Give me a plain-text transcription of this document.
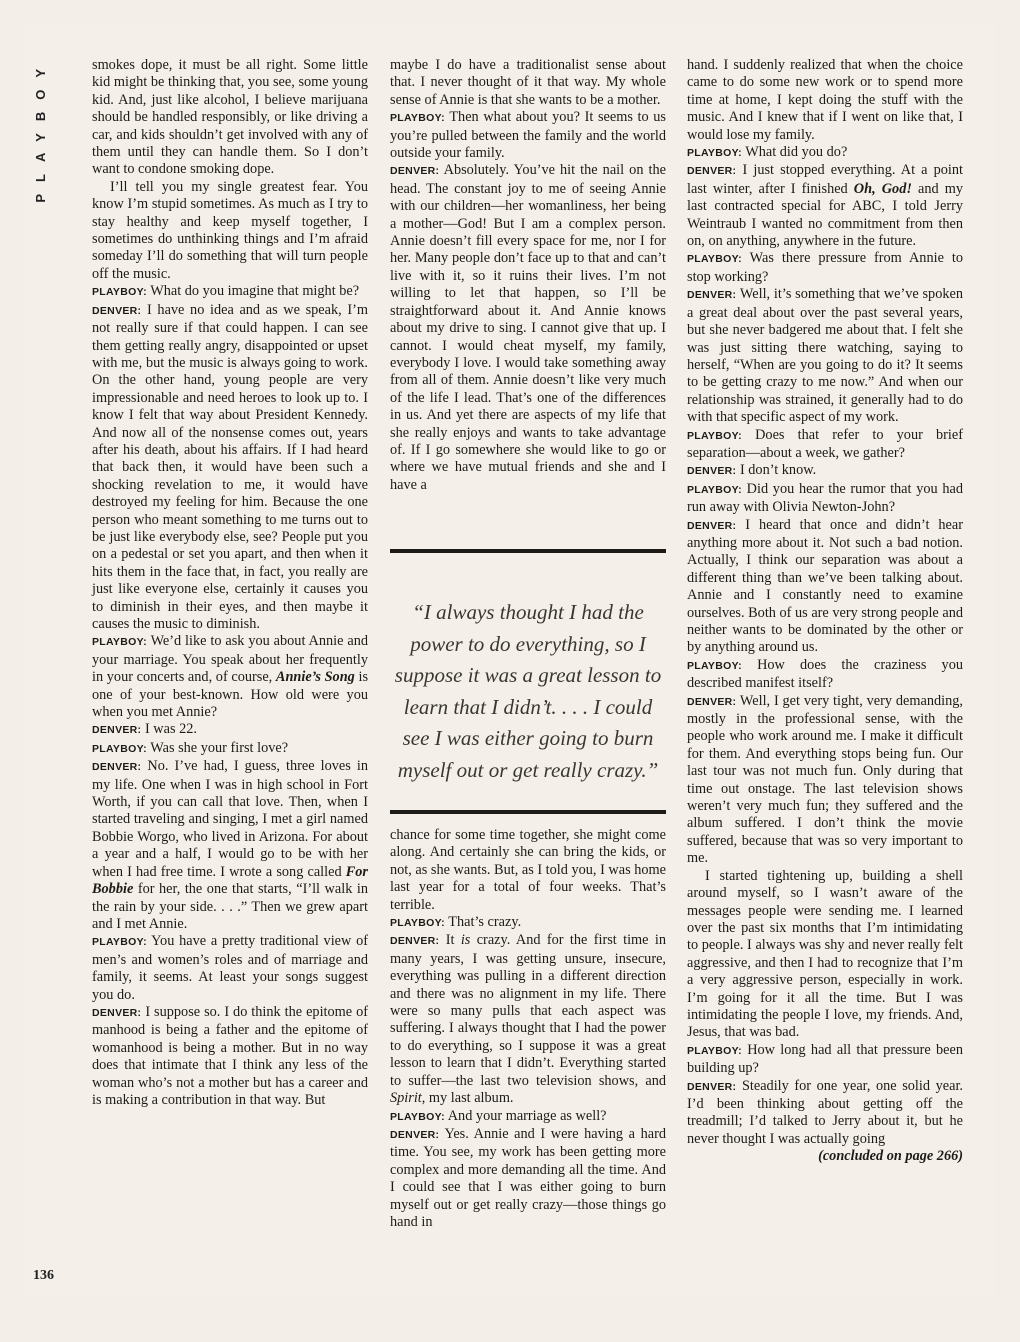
PLAYBOY
136

smokes dope, it must be all right. Some little kid might be thinking that, you see, some young kid. And, just like alcohol, I believe marijuana should be handled responsibly, or like driving a car, and kids shouldn’t get involved with any of them until they can handle them. So I don’t want to condone smoking dope.

I’ll tell you my single greatest fear. You know I’m stupid sometimes. As much as I try to stay healthy and keep myself together, I sometimes do unthinking things and I’m afraid someday I’ll do something that will turn people off the music.

PLAYBOY: What do you imagine that might be?

DENVER: I have no idea and as we speak, I’m not really sure if that could happen. I can see them getting really angry, disappointed or upset with me, but the music is always going to work. On the other hand, young people are very impressionable and need heroes to look up to. I know I felt that way about President Kennedy. And now all of the nonsense comes out, years after his death, about his affairs. If I had heard that back then, it would have been such a shocking revelation to me, it would have destroyed my feeling for him. Because the one person who meant something to me turns out to be just like everybody else, see? People put you on a pedestal or set you apart, and then when it hits them in the face that, in fact, you really are just like everyone else, certainly it causes you to diminish in their eyes, and then maybe it causes the music to diminish.

PLAYBOY: We’d like to ask you about Annie and your marriage. You speak about her frequently in your concerts and, of course, Annie’s Song is one of your best-known. How old were you when you met Annie?

DENVER: I was 22.

PLAYBOY: Was she your first love?

DENVER: No. I’ve had, I guess, three loves in my life. One when I was in high school in Fort Worth, if you can call that love. Then, when I started traveling and singing, I met a girl named Bobbie Worgo, who lived in Arizona. For about a year and a half, I would go to be with her when I had free time. I wrote a song called For Bobbie for her, the one that starts, “I’ll walk in the rain by your side. . . .” Then we grew apart and I met Annie.

PLAYBOY: You have a pretty traditional view of men’s and women’s roles and of marriage and family, it seems. At least your songs suggest you do.

DENVER: I suppose so. I do think the epitome of manhood is being a father and the epitome of womanhood is being a mother. But in no way does that intimate that I think any less of the woman who’s not a mother but has a career and is making a contribution in that way. But

maybe I do have a traditionalist sense about that. I never thought of it that way. My whole sense of Annie is that she wants to be a mother.

PLAYBOY: Then what about you? It seems to us you’re pulled between the family and the world outside your family.

DENVER: Absolutely. You’ve hit the nail on the head. The constant joy to me of seeing Annie with our children—her womanliness, her being a mother—God! But I am a complex person. Annie doesn’t fill every space for me, nor I for her. Many people don’t face up to that and can’t live with it, so it ruins their lives. I’m not willing to let that happen, so I’ll be straightforward about it. And Annie knows about my drive to sing. I cannot give that up. I cannot. I would cheat myself, my family, everybody I love. I would take something away from all of them. Annie doesn’t like very much of the life I lead. That’s one of the differences in us. And yet there are aspects of my life that she really enjoys and wants to take advantage of. If I go somewhere she would like to go or where we have mutual friends and she and I have a

“I always thought I had the power to do everything, so I suppose it was a great lesson to learn that I didn’t. . . . I could see I was either going to burn myself out or get really crazy.”

chance for some time together, she might come along. And certainly she can bring the kids, or not, as she wants. But, as I told you, I was home last year for a total of four weeks. That’s terrible.

PLAYBOY: That’s crazy.

DENVER: It is crazy. And for the first time in many years, I was getting unsure, insecure, everything was pulling in a different direction and there was no alignment in my life. There were so many pulls that each aspect was suffering. I always thought that I had the power to do everything, so I suppose it was a great lesson to learn that I didn’t. Everything started to suffer—the last two television shows, and Spirit, my last album.

PLAYBOY: And your marriage as well?

DENVER: Yes. Annie and I were having a hard time. You see, my work has been getting more complex and more demanding all the time. And I could see that I was either going to burn myself out or get really crazy—those things go hand in

hand. I suddenly realized that when the choice came to do some new work or to spend more time at home, I kept doing the stuff with the music. And I knew that if I went on like that, I would lose my family.

PLAYBOY: What did you do?

DENVER: I just stopped everything. At a point last winter, after I finished Oh, God! and my last contracted special for ABC, I told Jerry Weintraub I wanted no commitment from then on, on anything, anywhere in the future.

PLAYBOY: Was there pressure from Annie to stop working?

DENVER: Well, it’s something that we’ve spoken a great deal about over the past several years, but she never badgered me about that. I felt she was just sitting there watching, saying to herself, “When are you going to do it? It seems to be getting crazy to me now.” And when our relationship was strained, it generally had to do with that specific aspect of my work.

PLAYBOY: Does that refer to your brief separation—about a week, we gather?

DENVER: I don’t know.

PLAYBOY: Did you hear the rumor that you had run away with Olivia Newton-John?

DENVER: I heard that once and didn’t hear anything more about it. Not such a bad notion. Actually, I think our separation was about a different thing than we’ve been talking about. Annie and I constantly need to examine ourselves. Both of us are very strong people and neither wants to be dominated by the other or by anything around us.

PLAYBOY: How does the craziness you described manifest itself?

DENVER: Well, I get very tight, very demanding, mostly in the professional sense, with the people who work around me. I make it difficult for them. And everything stops being fun. Our last tour was not much fun. Only during that time out onstage. The last television shows weren’t very much fun; they suffered and the album suffered. I don’t think the movie suffered, because that was so very important to me.

I started tightening up, building a shell around myself, so I wasn’t aware of the messages people were sending me. I learned over the past six months that I’m intimidating to people. I always was shy and never really felt aggressive, and then I had to recognize that I’m a very aggressive person, especially in work. I’m going for it all the time. But I was intimidating the people I love, my friends. And, Jesus, that was bad.

PLAYBOY: How long had all that pressure been building up?

DENVER: Steadily for one year, one solid year. I’d been thinking about getting off the treadmill; I’d talked to Jerry about it, but he never thought I was actually going

(concluded on page 266)
